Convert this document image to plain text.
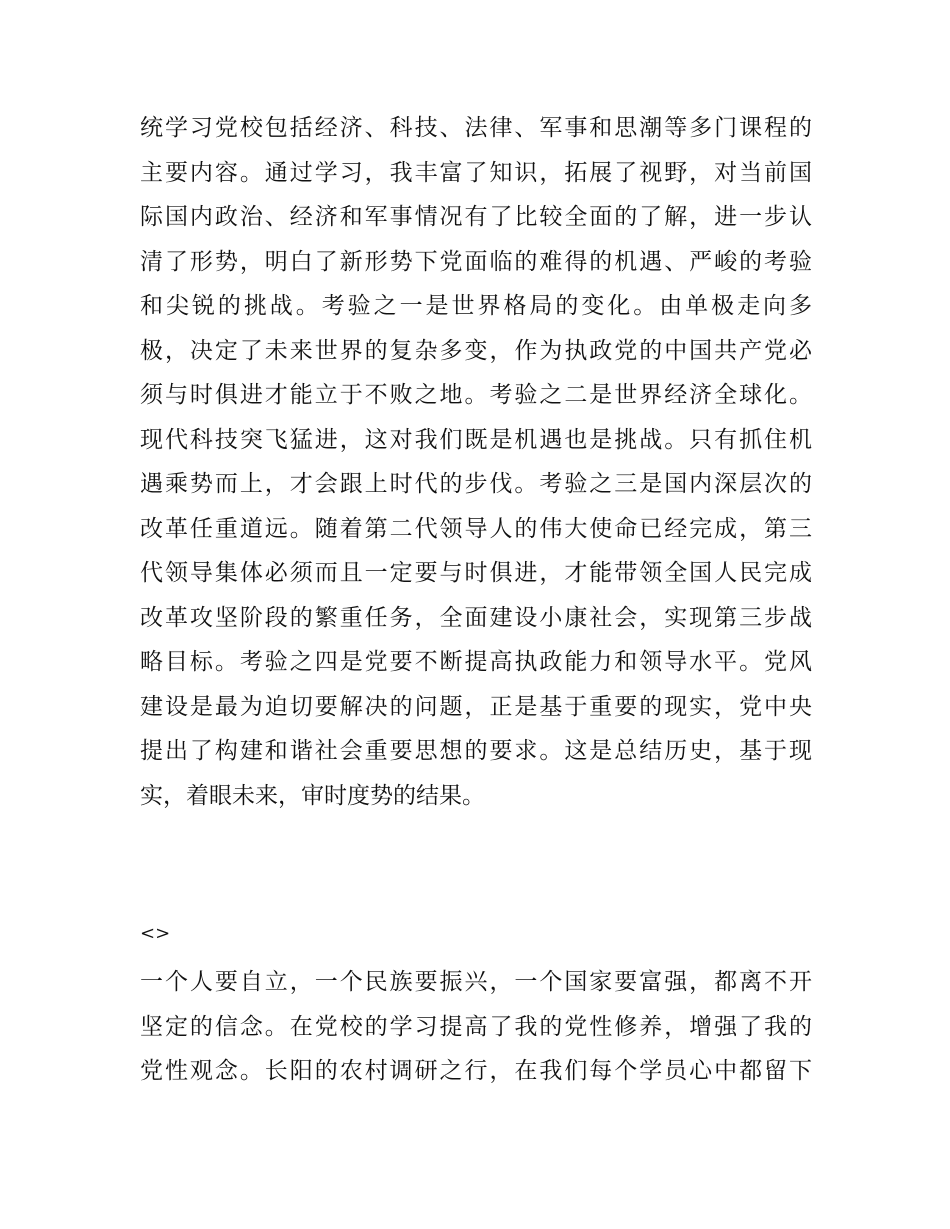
统学习党校包括经济、科技、法律、军事和思潮等多门课程的
主要内容。通过学习，我丰富了知识，拓展了视野，对当前国
际国内政治、经济和军事情况有了比较全面的了解，进一步认
清了形势，明白了新形势下党面临的难得的机遇、严峻的考验
和尖锐的挑战。考验之一是世界格局的变化。由单极走向多
极，决定了未来世界的复杂多变，作为执政党的中国共产党必
须与时俱进才能立于不败之地。考验之二是世界经济全球化。
现代科技突飞猛进，这对我们既是机遇也是挑战。只有抓住机
遇乘势而上，才会跟上时代的步伐。考验之三是国内深层次的
改革任重道远。随着第二代领导人的伟大使命已经完成，第三
代领导集体必须而且一定要与时俱进，才能带领全国人民完成
改革攻坚阶段的繁重任务，全面建设小康社会，实现第三步战
略目标。考验之四是党要不断提高执政能力和领导水平。党风
建设是最为迫切要解决的问题，正是基于重要的现实，党中央
提出了构建和谐社会重要思想的要求。这是总结历史，基于现
实，着眼未来，审时度势的结果。
<>
一个人要自立，一个民族要振兴，一个国家要富强，都离不开
坚定的信念。在党校的学习提高了我的党性修养，增强了我的
党性观念。长阳的农村调研之行，在我们每个学员心中都留下
